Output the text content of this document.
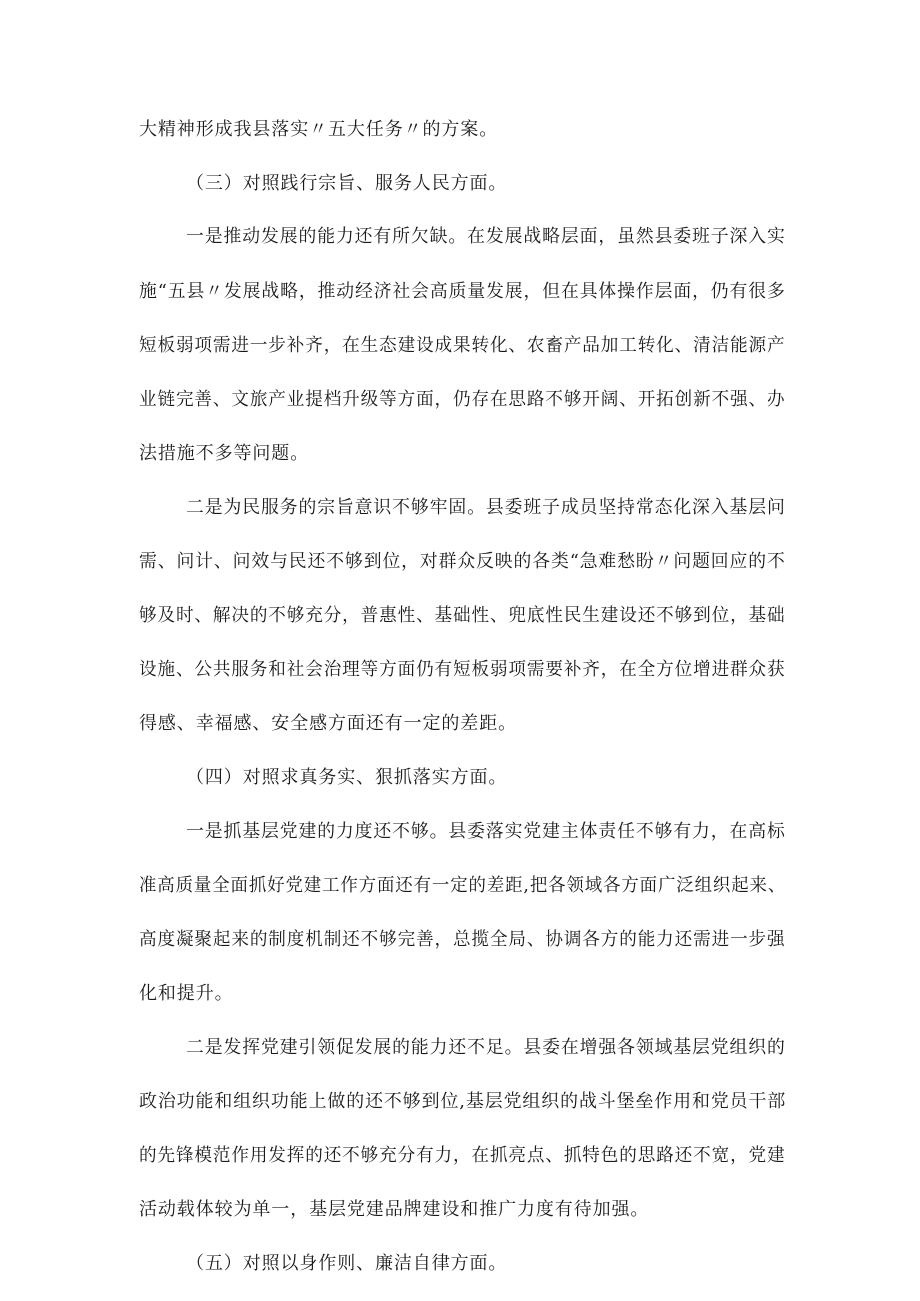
大精神形成我县落实〃五大任务〃的方案。
（三）对照践行宗旨、服务人民方面。
一是推动发展的能力还有所欠缺。在发展战略层面，虽然县委班子深入实
施“五县〃发展战略，推动经济社会高质量发展，但在具体操作层面，仍有很多
短板弱项需进一步补齐，在生态建设成果转化、农畜产品加工转化、清洁能源产
业链完善、文旅产业提档升级等方面，仍存在思路不够开阔、开拓创新不强、办
法措施不多等问题。
二是为民服务的宗旨意识不够牢固。县委班子成员坚持常态化深入基层问
需、问计、问效与民还不够到位，对群众反映的各类“急难愁盼〃问题回应的不
够及时、解决的不够充分，普惠性、基础性、兜底性民生建设还不够到位，基础
设施、公共服务和社会治理等方面仍有短板弱项需要补齐，在全方位增进群众获
得感、幸福感、安全感方面还有一定的差距。
（四）对照求真务实、狠抓落实方面。
一是抓基层党建的力度还不够。县委落实党建主体责任不够有力，在高标
准高质量全面抓好党建工作方面还有一定的差距,把各领域各方面广泛组织起来、
高度凝聚起来的制度机制还不够完善，总揽全局、协调各方的能力还需进一步强
化和提升。
二是发挥党建引领促发展的能力还不足。县委在增强各领域基层党组织的
政治功能和组织功能上做的还不够到位,基层党组织的战斗堡垒作用和党员干部
的先锋模范作用发挥的还不够充分有力，在抓亮点、抓特色的思路还不宽，党建
活动载体较为单一，基层党建品牌建设和推广力度有待加强。
（五）对照以身作则、廉洁自律方面。
